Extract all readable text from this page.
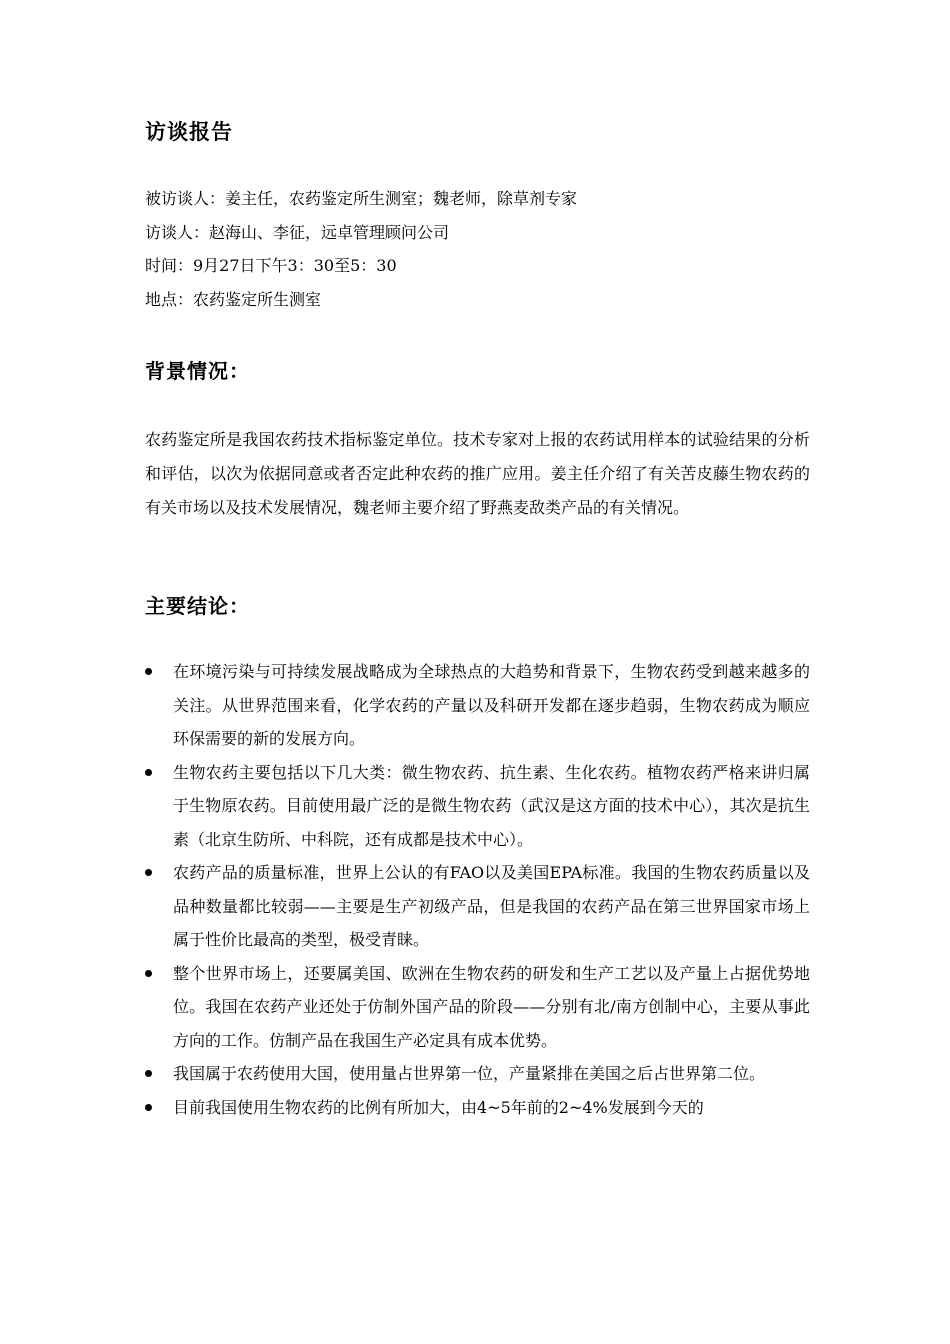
访谈报告
被访谈人：姜主任，农药鉴定所生测室；魏老师，除草剂专家
访谈人：赵海山、李征，远卓管理顾问公司
时间：9月27日下午3：30至5：30
地点：农药鉴定所生测室
背景情况：
农药鉴定所是我国农药技术指标鉴定单位。技术专家对上报的农药试用样本的试验结果的分析和评估，以次为依据同意或者否定此种农药的推广应用。姜主任介绍了有关苦皮藤生物农药的有关市场以及技术发展情况，魏老师主要介绍了野燕麦敌类产品的有关情况。
主要结论：
在环境污染与可持续发展战略成为全球热点的大趋势和背景下，生物农药受到越来越多的关注。从世界范围来看，化学农药的产量以及科研开发都在逐步趋弱，生物农药成为顺应环保需要的新的发展方向。
生物农药主要包括以下几大类：微生物农药、抗生素、生化农药。植物农药严格来讲归属于生物原农药。目前使用最广泛的是微生物农药（武汉是这方面的技术中心），其次是抗生素（北京生防所、中科院，还有成都是技术中心）。
农药产品的质量标准，世界上公认的有FAO以及美国EPA标准。我国的生物农药质量以及品种数量都比较弱——主要是生产初级产品，但是我国的农药产品在第三世界国家市场上属于性价比最高的类型，极受青睐。
整个世界市场上，还要属美国、欧洲在生物农药的研发和生产工艺以及产量上占据优势地位。我国在农药产业还处于仿制外国产品的阶段——分别有北/南方创制中心，主要从事此方向的工作。仿制产品在我国生产必定具有成本优势。
我国属于农药使用大国，使用量占世界第一位，产量紧排在美国之后占世界第二位。
目前我国使用生物农药的比例有所加大，由4~5年前的2~4%发展到今天的
